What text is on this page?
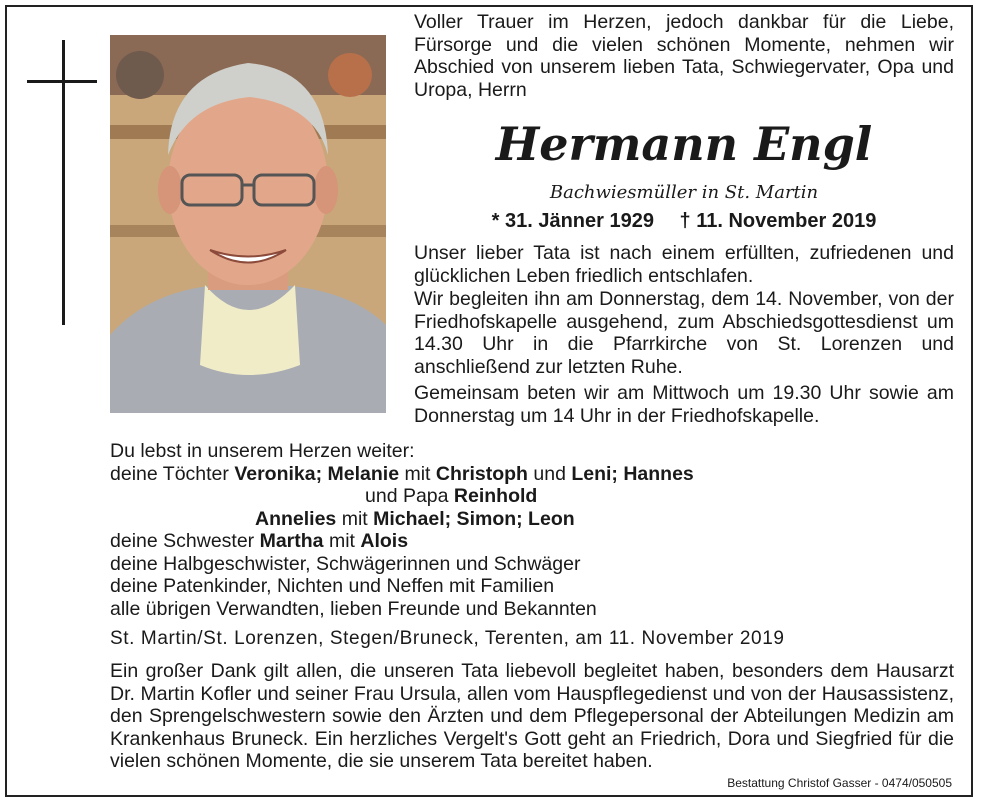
Voller Trauer im Herzen, jedoch dankbar für die Liebe, Fürsorge und die vielen schönen Momente, nehmen wir Abschied von unserem lieben Tata, Schwiegervater, Opa und Uropa, Herrn

Hermann Engl
Bachwiesmüller in St. Martin
* 31. Jänner 1929 † 11. November 2019

Unser lieber Tata ist nach einem erfüllten, zufriedenen und glücklichen Leben friedlich entschlafen.

Wir begleiten ihn am Donnerstag, dem 14. November, von der Friedhofskapelle ausgehend, zum Abschiedsgottesdienst um 14.30 Uhr in die Pfarrkirche von St. Lorenzen und anschließend zur letzten Ruhe.

Gemeinsam beten wir am Mittwoch um 19.30 Uhr sowie am Donnerstag um 14 Uhr in der Friedhofskapelle.

Du lebst in unserem Herzen weiter:
deine Töchter Veronika; Melanie mit Christoph und Leni; Hannes
und Papa Reinhold
Annelies mit Michael; Simon; Leon
deine Schwester Martha mit Alois
deine Halbgeschwister, Schwägerinnen und Schwäger
deine Patenkinder, Nichten und Neffen mit Familien
alle übrigen Verwandten, lieben Freunde und Bekannten
St. Martin/St. Lorenzen, Stegen/Bruneck, Terenten, am 11. November 2019

Ein großer Dank gilt allen, die unseren Tata liebevoll begleitet haben, besonders dem Hausarzt Dr. Martin Kofler und seiner Frau Ursula, allen vom Hauspflegedienst und von der Hausassistenz, den Sprengelschwestern sowie den Ärzten und dem Pflegepersonal der Abteilungen Medizin am Krankenhaus Bruneck. Ein herzliches Vergelt's Gott geht an Friedrich, Dora und Siegfried für die vielen schönen Momente, die sie unserem Tata bereitet haben.

Bestattung Christof Gasser - 0474/050505
